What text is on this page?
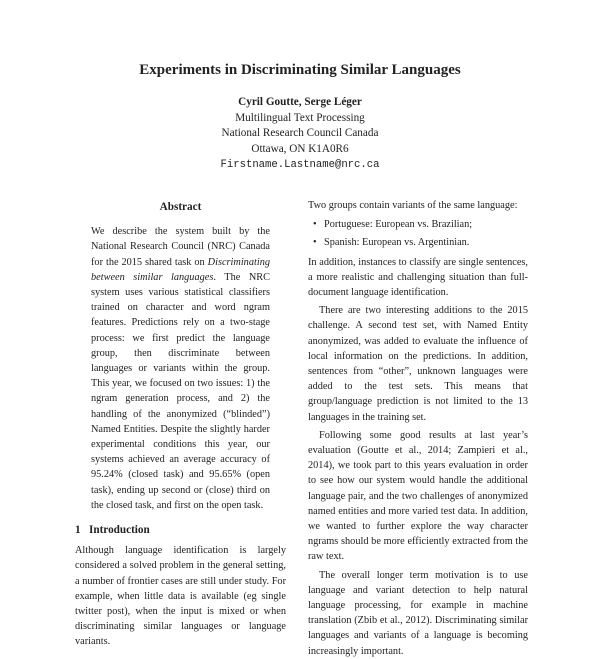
Experiments in Discriminating Similar Languages
Cyril Goutte, Serge Léger
Multilingual Text Processing
National Research Council Canada
Ottawa, ON K1A0R6
Firstname.Lastname@nrc.ca
Abstract

We describe the system built by the National Research Council (NRC) Canada for the 2015 shared task on Discriminating between similar languages. The NRC system uses various statistical classifiers trained on character and word ngram features. Predictions rely on a two-stage process: we first predict the language group, then discriminate between languages or variants within the group. This year, we focused on two issues: 1) the ngram generation process, and 2) the handling of the anonymized (“blinded”) Named Entities. Despite the slightly harder experimental conditions this year, our systems achieved an average accuracy of 95.24% (closed task) and 95.65% (open task), ending up second or (close) third on the closed task, and first on the open task.

1 Introduction

Although language identification is largely considered a solved problem in the general setting, a number of frontier cases are still under study. For example, when little data is available (eg single twitter post), when the input is mixed or when discriminating similar languages or language variants.

Two groups contain variants of the same language:

• Portuguese: European vs. Brazilian;
• Spanish: European vs. Argentinian.

In addition, instances to classify are single sentences, a more realistic and challenging situation than full-document language identification.

There are two interesting additions to the 2015 challenge. A second test set, with Named Entity anonymized, was added to evaluate the influence of local information on the predictions. In addition, sentences from “other”, unknown languages were added to the test sets. This means that group/language prediction is not limited to the 13 languages in the training set.

Following some good results at last year’s evaluation (Goutte et al., 2014; Zampieri et al., 2014), we took part to this years evaluation in order to see how our system would handle the additional language pair, and the two challenges of anonymized named entities and more varied test data. In addition, we wanted to further explore the way character ngrams should be more efficiently extracted from the raw text.

The overall longer term motivation is to use language and variant detection to help natural language processing, for example in machine translation (Zbib et al., 2012). Discriminating similar languages and variants of a language is becoming increasingly important.
